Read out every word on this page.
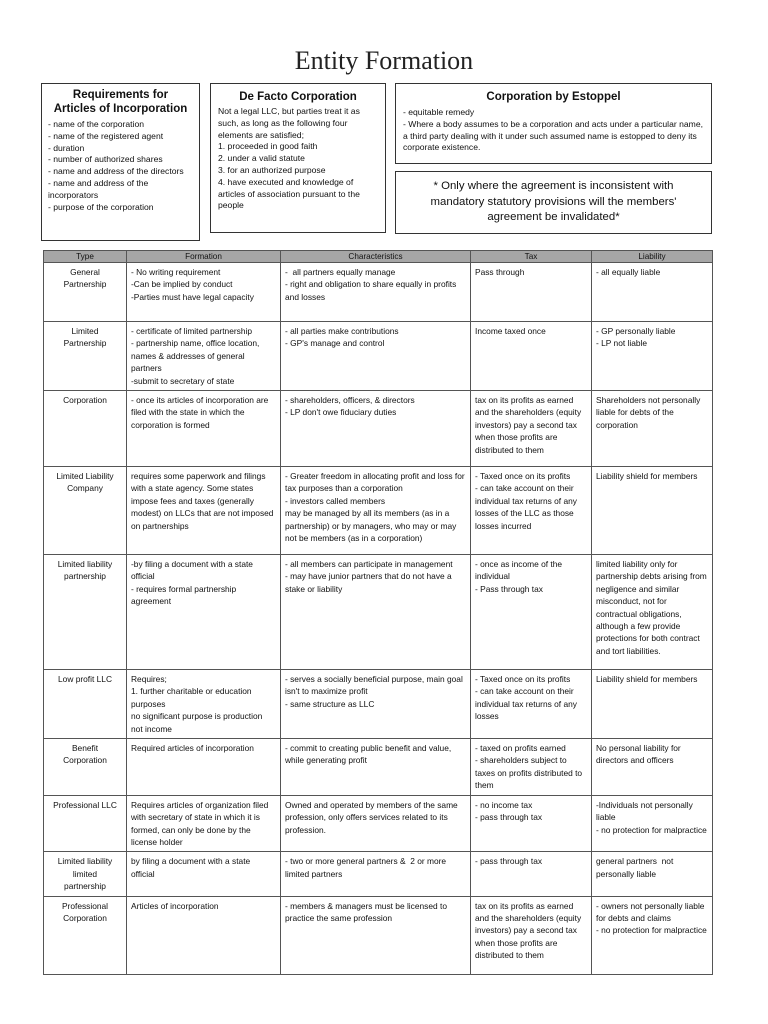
Entity Formation
Requirements for Articles of Incorporation
- name of the corporation
- name of the registered agent
- duration
- number of authorized shares
- name and address of the directors
- name and address of the incorporators
- purpose of the corporation
De Facto Corporation
Not a legal LLC, but parties treat it as such, as long as the following four elements are satisfied;
1. proceeded in good faith
2. under a valid statute
3. for an authorized purpose
4. have executed and knowledge of articles of association pursuant to the people
Corporation by Estoppel
- equitable remedy
- Where a body assumes to be a corporation and acts under a particular name, a third party dealing with it under such assumed name is estopped to deny its corporate existence.
* Only where the agreement is inconsistent with mandatory statutory provisions will the members' agreement be invalidated*
Type	Formation	Characteristics	Tax	Liability
General
Partnership	- No writing requirement
-Can be implied by conduct
-Parties must have legal capacity	-  all partners equally manage
- right and obligation to share equally in profits and losses	Pass through	- all equally liable
Limited
Partnership	- certificate of limited partnership
- partnership name, office location, names & addresses of general partners
-submit to secretary of state	- all parties make contributions
- GP's manage and control	Income taxed once	- GP personally liable
- LP not liable
Corporation	- once its articles of incorporation are filed with the state in which the corporation is formed	- shareholders, officers, & directors
- LP don't owe fiduciary duties	tax on its profits as earned and the shareholders (equity investors) pay a second tax when those profits are distributed to them	Shareholders not personally liable for debts of the corporation
Limited Liability
Company	requires some paperwork and filings with a state agency. Some states impose fees and taxes (generally modest) on LLCs that are not imposed on partnerships	- Greater freedom in allocating profit and loss for tax purposes than a corporation
- investors called members
may be managed by all its members (as in a partnership) or by managers, who may or may not be members (as in a corporation)	- Taxed once on its profits
- can take account on their individual tax returns of any losses of the LLC as those losses incurred	Liability shield for members
Limited liability
partnership	-by filing a document with a state official
- requires formal partnership agreement	- all members can participate in management
- may have junior partners that do not have a stake or liability	- once as income of the individual
- Pass through tax	limited liability only for partnership debts arising from negligence and similar misconduct, not for contractual obligations, although a few provide protections for both contract and tort liabilities.
Low profit LLC	Requires;
1. further charitable or education purposes
no significant purpose is production not income	- serves a socially beneficial purpose, main goal isn't to maximize profit
- same structure as LLC	- Taxed once on its profits
- can take account on their individual tax returns of any losses	Liability shield for members
Benefit
Corporation	Required articles of incorporation	- commit to creating public benefit and value, while generating profit	- taxed on profits earned
- shareholders subject to taxes on profits distributed to them	No personal liability for directors and officers
Professional LLC	Requires articles of organization filed with secretary of state in which it is formed, can only be done by the license holder	Owned and operated by members of the same profession, only offers services related to its profession.	- no income tax
- pass through tax	-Individuals not personally liable
- no protection for malpractice
Limited liability
limited
partnership	by filing a document with a state official	- two or more general partners &  2 or more limited partners	- pass through tax	general partners  not personally liable
Professional
Corporation	Articles of incorporation	- members & managers must be licensed to practice the same profession	tax on its profits as earned and the shareholders (equity investors) pay a second tax when those profits are distributed to them	- owners not personally liable for debts and claims
- no protection for malpractice
